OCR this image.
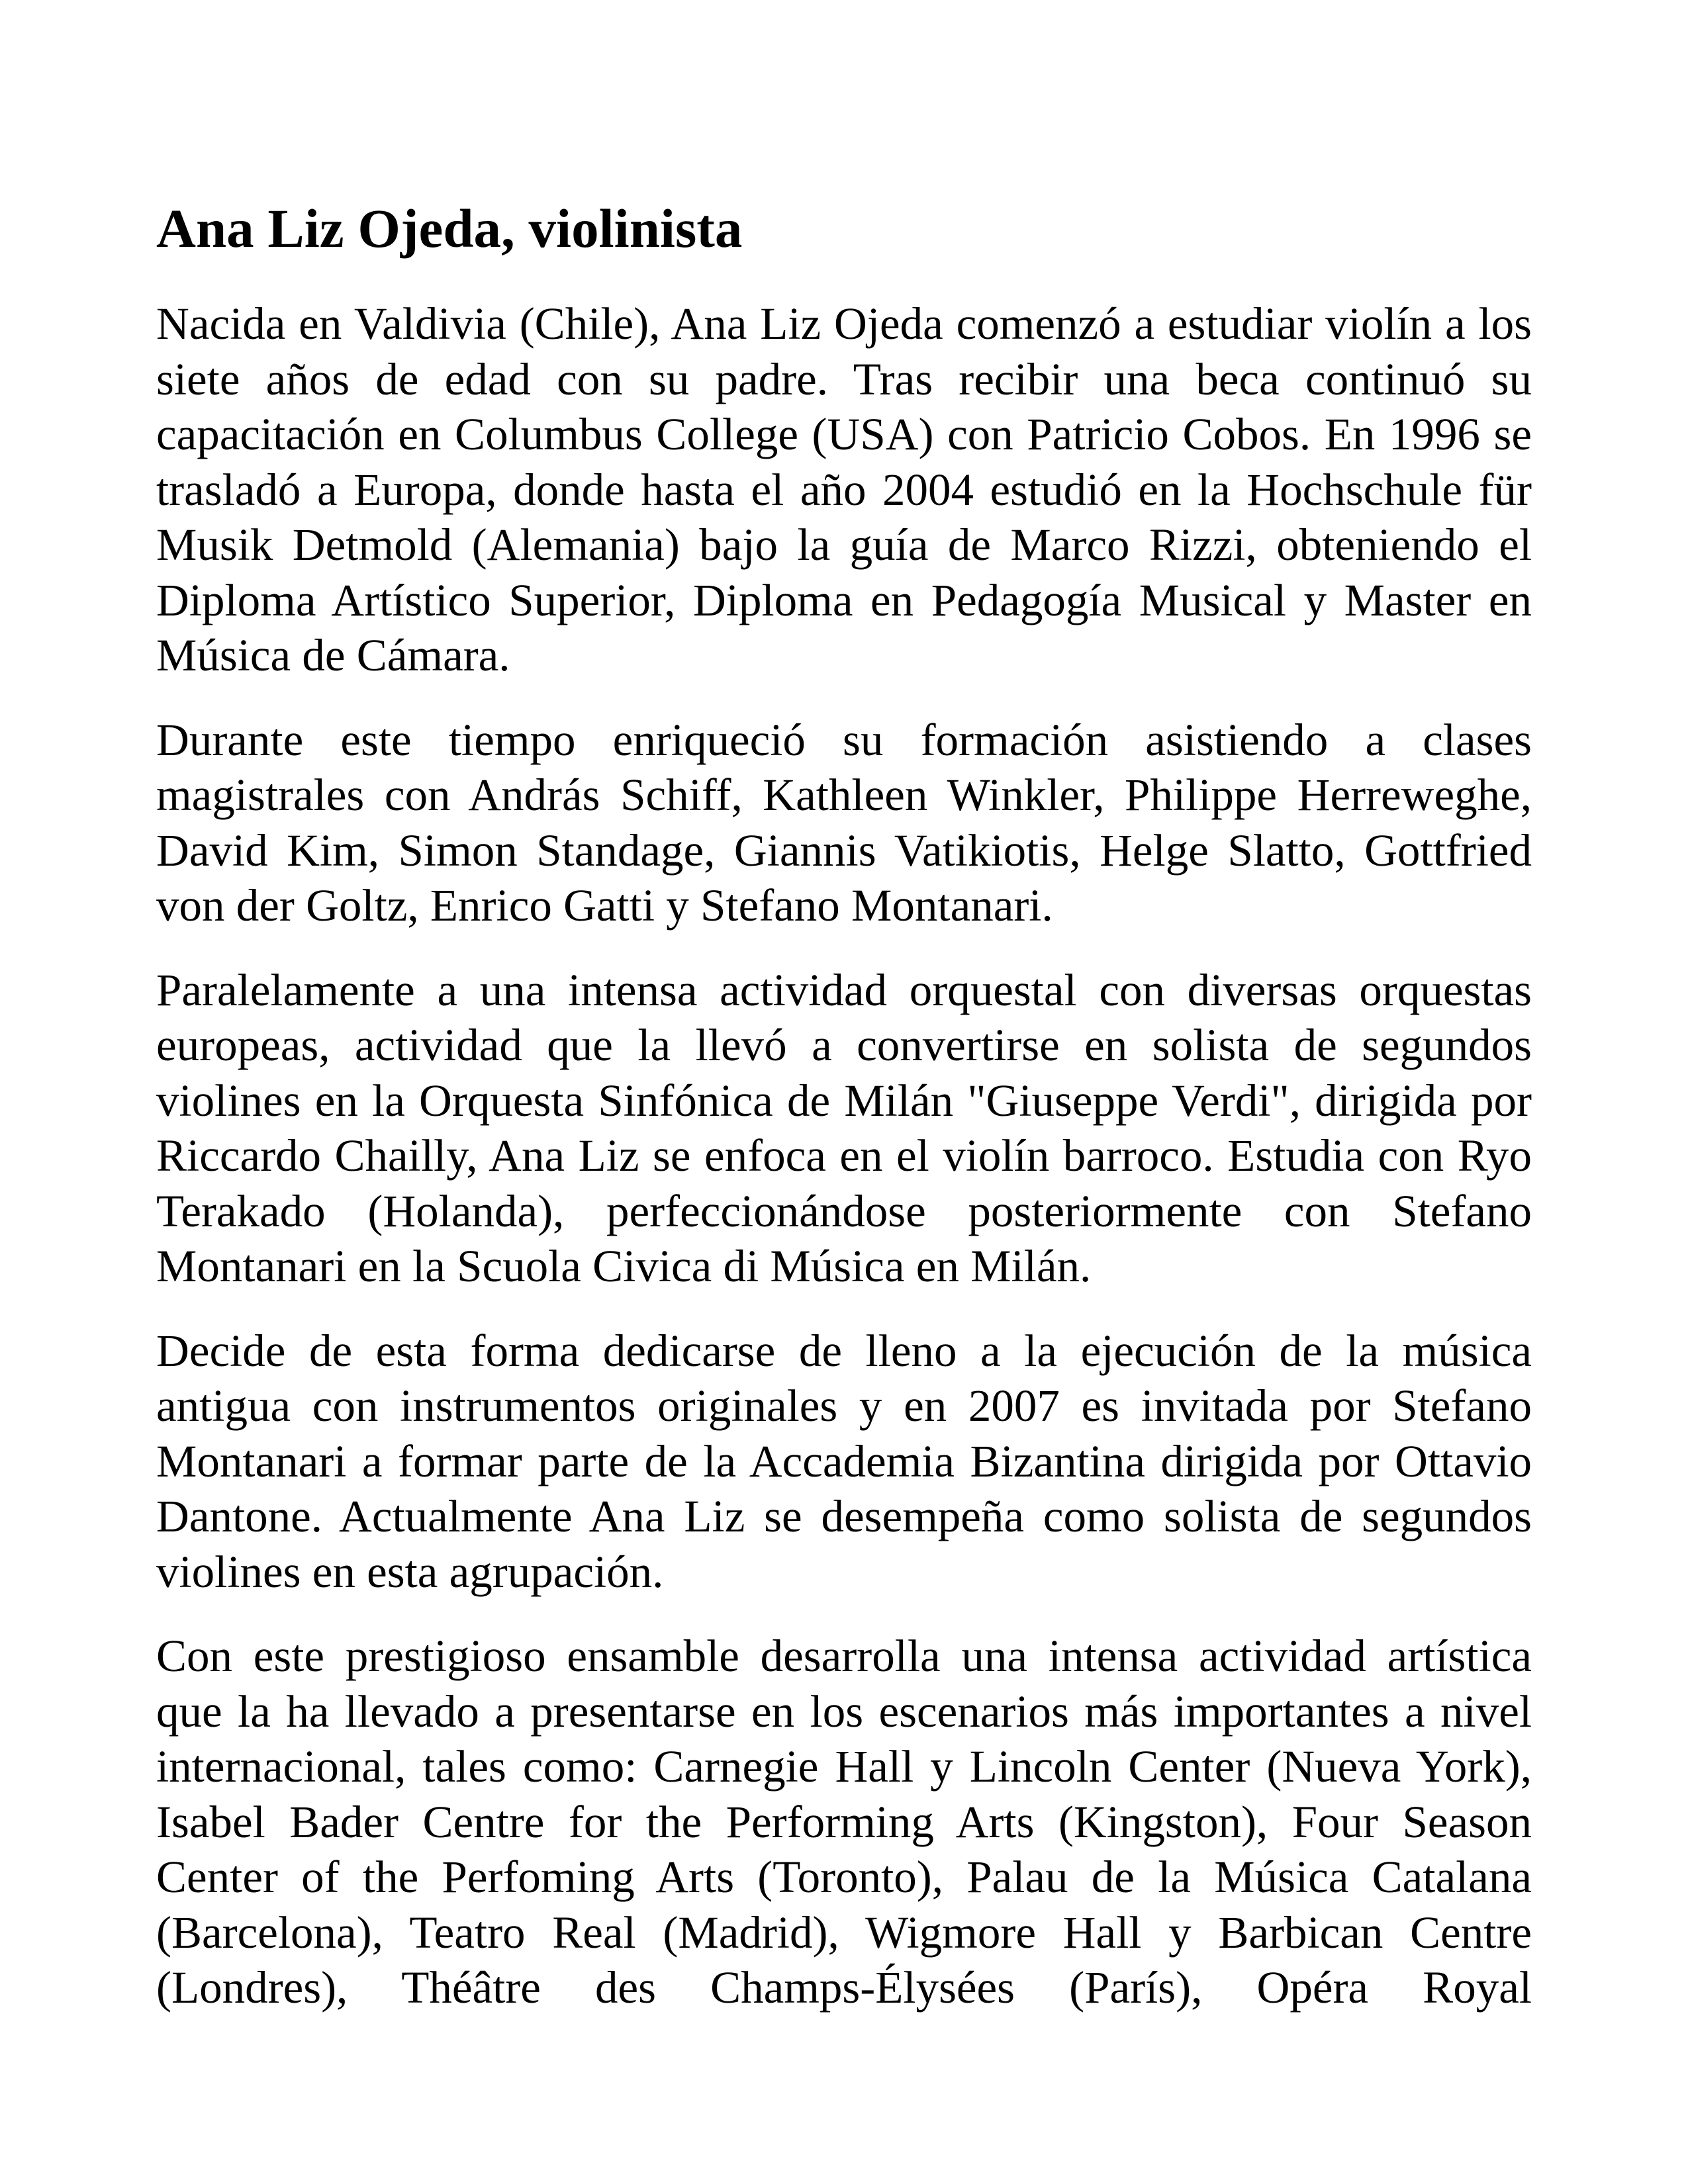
Ana Liz Ojeda, violinista

Nacida en Valdivia (Chile), Ana Liz Ojeda comenzó a estudiar violín a los siete años de edad con su padre. Tras recibir una beca continuó su capacitación en Columbus College (USA) con Patricio Cobos. En 1996 se trasladó a Europa, donde hasta el año 2004 estudió en la Hochschule für Musik Detmold (Alemania) bajo la guía de Marco Rizzi, obteniendo el Diploma Artístico Superior, Diploma en Pedagogía Musical y Master en Música de Cámara.

Durante este tiempo enriqueció su formación asistiendo a clases magistrales con András Schiff, Kathleen Winkler, Philippe Herreweghe, David Kim, Simon Standage, Giannis Vatikiotis, Helge Slatto, Gottfried von der Goltz, Enrico Gatti y Stefano Montanari.

Paralelamente a una intensa actividad orquestal con diversas orquestas europeas, actividad que la llevó a convertirse en solista de segundos violines en la Orquesta Sinfónica de Milán "Giuseppe Verdi", dirigida por Riccardo Chailly, Ana Liz se enfoca en el violín barroco. Estudia con Ryo Terakado (Holanda), perfeccionándose posteriormente con Stefano Montanari en la Scuola Civica di Música en Milán.

Decide de esta forma dedicarse de lleno a la ejecución de la música antigua con instrumentos originales y en 2007 es invitada por Stefano Montanari a formar parte de la Accademia Bizantina dirigida por Ottavio Dantone. Actualmente Ana Liz se desempeña como solista de segundos violines en esta agrupación.

Con este prestigioso ensamble desarrolla una intensa actividad artística que la ha llevado a presentarse en los escenarios más importantes a nivel internacional, tales como: Carnegie Hall y Lincoln Center (Nueva York), Isabel Bader Centre for the Performing Arts (Kingston), Four Season Center of the Perfoming Arts (Toronto), Palau de la Música Catalana (Barcelona), Teatro Real (Madrid), Wigmore Hall y Barbican Centre (Londres), Théâtre des Champs-Élysées (París), Opéra Royal
